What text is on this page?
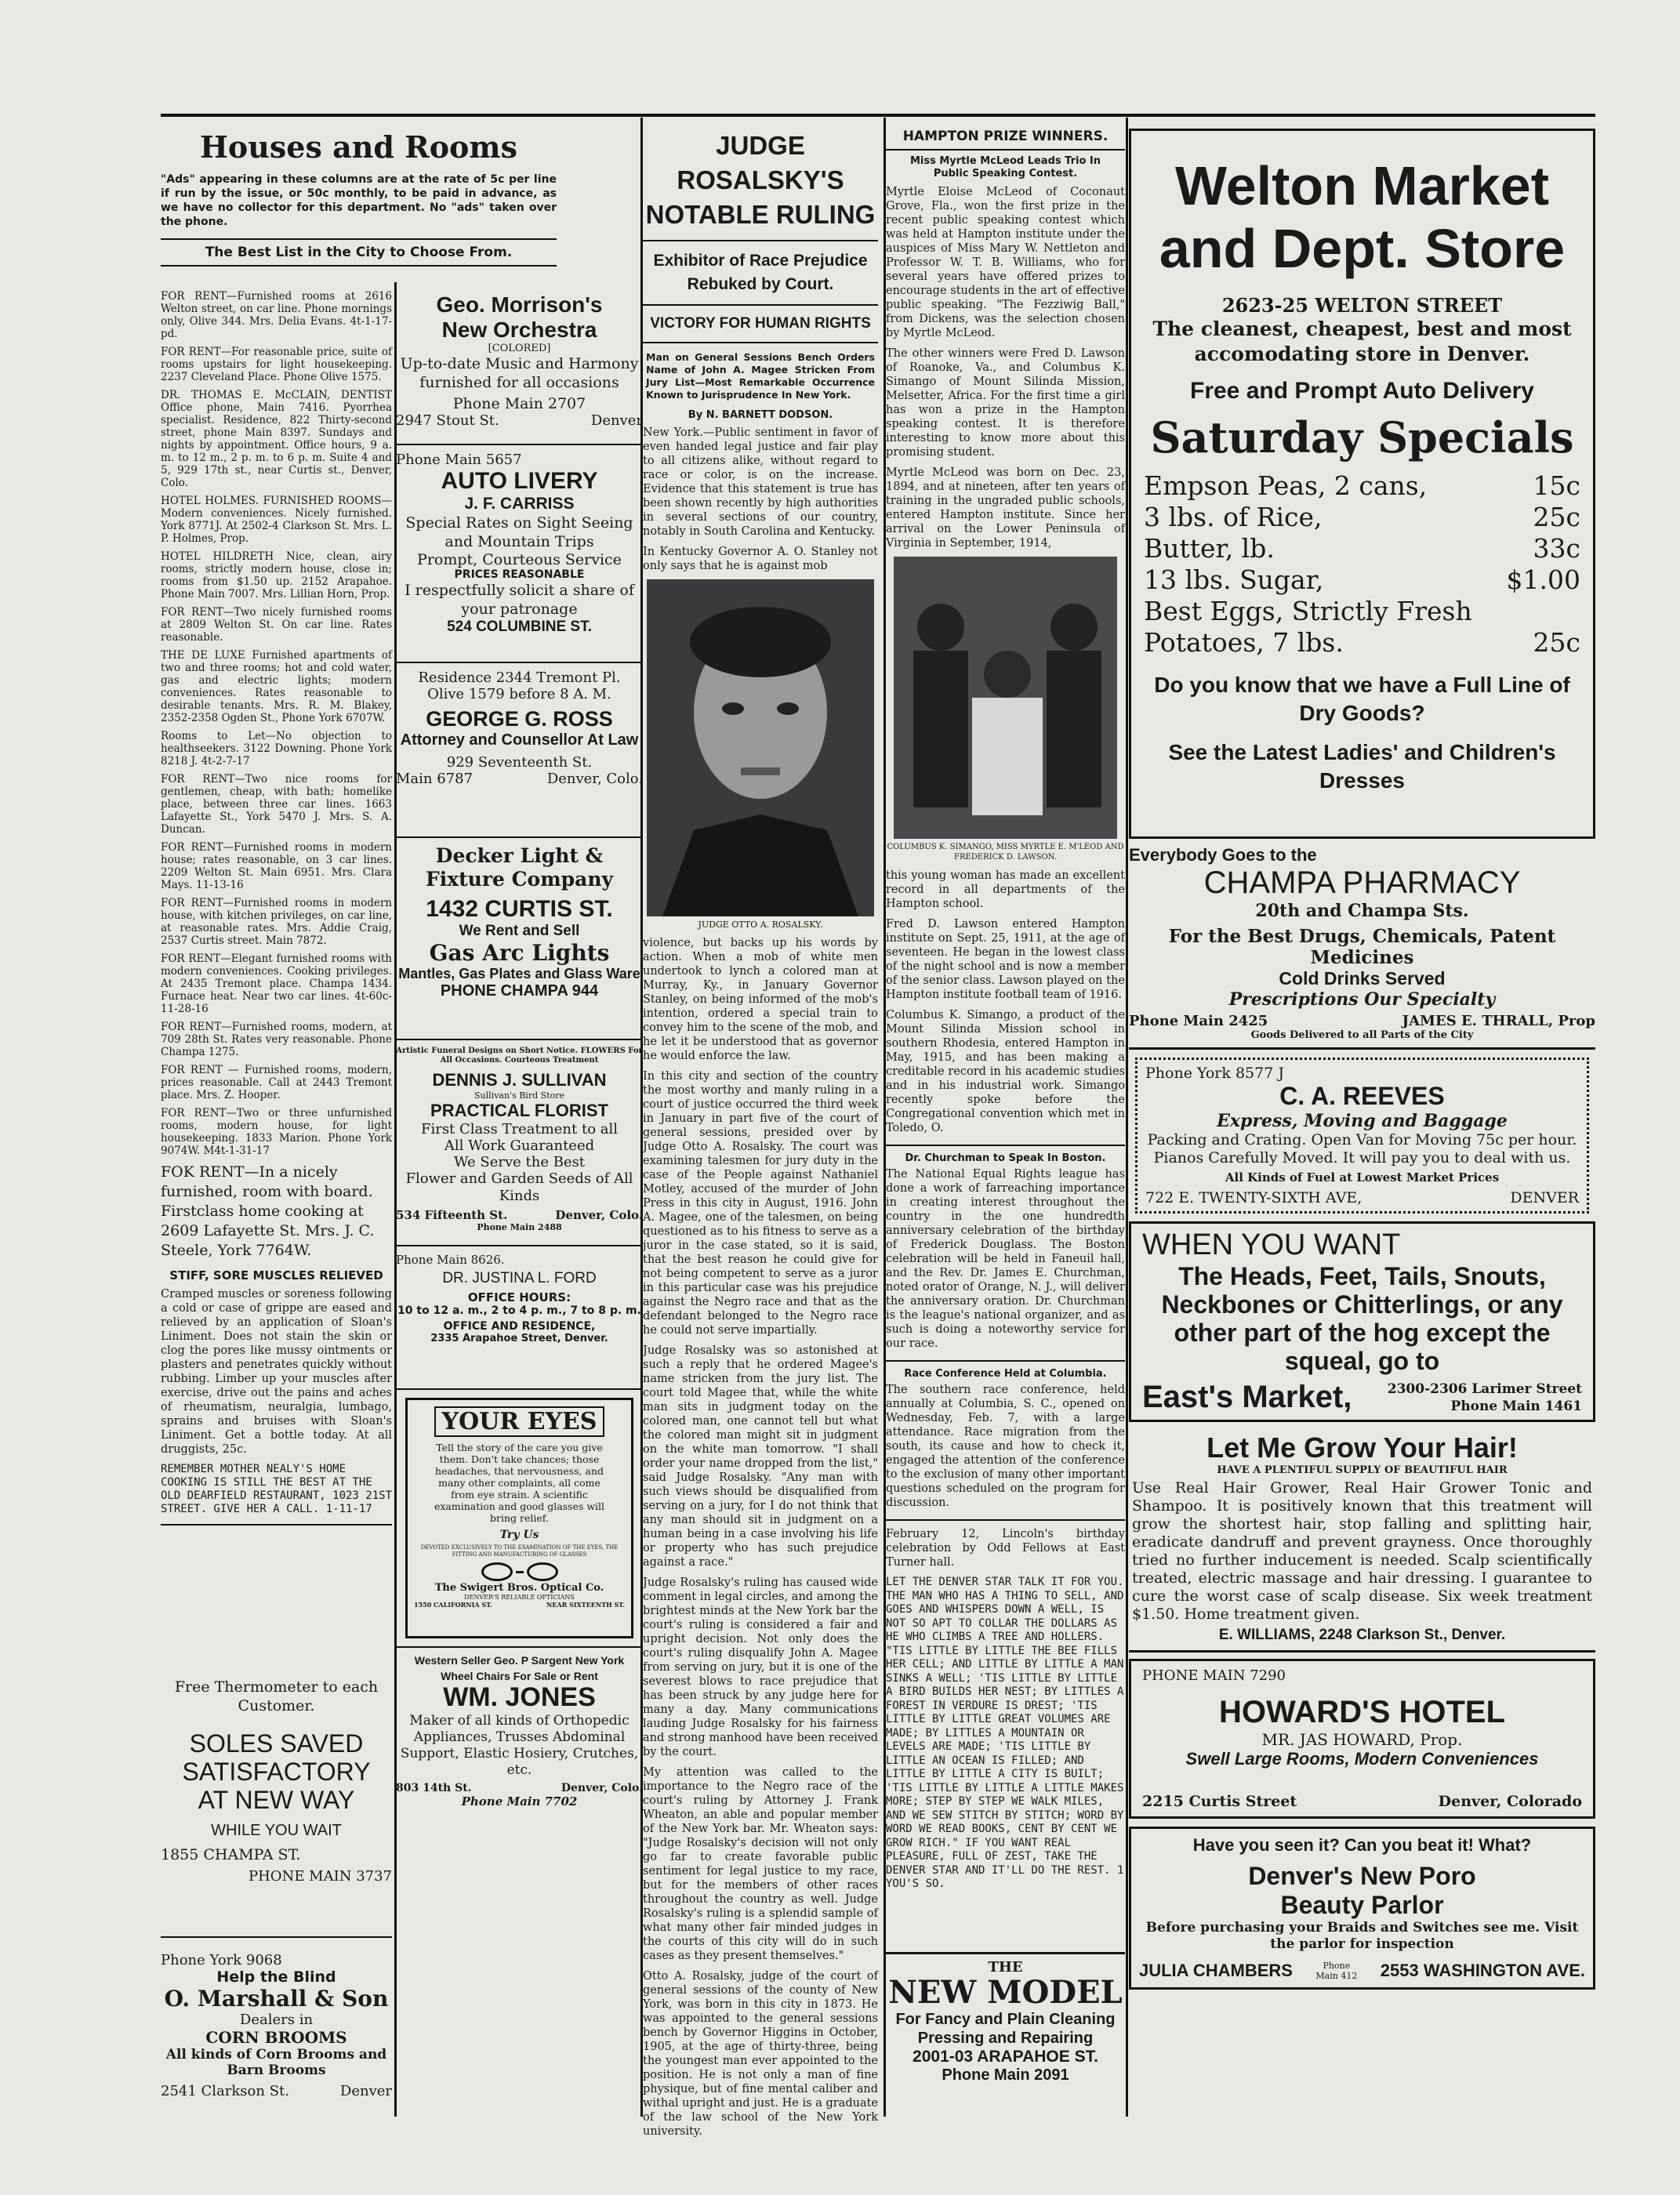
Houses and Rooms
"Ads" appearing in these columns are at the rate of 5c per line if run by the issue, or 50c monthly, to be paid in advance, as we have no collector for this department. No "ads" taken over the phone.
The Best List in the City to Choose From.

FOR RENT—Furnished rooms at 2616 Welton street, on car line. Phone mornings only, Olive 344. Mrs. Delia Evans. 4t-1-17-pd.

FOR RENT—For reasonable price, suite of rooms upstairs for light housekeeping. 2237 Cleveland Place. Phone Olive 1575.

DR. THOMAS E. McCLAIN, DENTIST Office phone, Main 7416. Pyorrhea specialist. Residence, 822 Thirty-second street, phone Main 8397. Sundays and nights by appointment. Office hours, 9 a. m. to 12 m., 2 p. m. to 6 p. m. Suite 4 and 5, 929 17th st., near Curtis st., Denver, Colo.

HOTEL HOLMES. FURNISHED ROOMS—Modern conveniences. Nicely furnished. York 8771J. At 2502-4 Clarkson St. Mrs. L. P. Holmes, Prop.

HOTEL HILDRETH Nice, clean, airy rooms, strictly modern house, close in; rooms from $1.50 up. 2152 Arapahoe. Phone Main 7007. Mrs. Lillian Horn, Prop.

FOR RENT—Two nicely furnished rooms at 2809 Welton St. On car line. Rates reasonable.

THE DE LUXE Furnished apartments of two and three rooms; hot and cold water, gas and electric lights; modern conveniences. Rates reasonable to desirable tenants. Mrs. R. M. Blakey, 2352-2358 Ogden St., Phone York 6707W.

Rooms to Let—No objection to healthseekers. 3122 Downing. Phone York 8218 J. 4t-2-7-17

FOR RENT—Two nice rooms for gentlemen, cheap, with bath; homelike place, between three car lines. 1663 Lafayette St., York 5470 J. Mrs. S. A. Duncan.

FOR RENT—Furnished rooms in modern house; rates reasonable, on 3 car lines. 2209 Welton St. Main 6951. Mrs. Clara Mays. 11-13-16

FOR RENT—Furnished rooms in modern house, with kitchen privileges, on car line, at reasonable rates. Mrs. Addie Craig, 2537 Curtis street. Main 7872.

FOR RENT—Elegant furnished rooms with modern conveniences. Cooking privileges. At 2435 Tremont place. Champa 1434. Furnace heat. Near two car lines. 4t-60c-11-28-16

FOR RENT—Furnished rooms, modern, at 709 28th St. Rates very reasonable. Phone Champa 1275.

FOR RENT — Furnished rooms, modern, prices reasonable. Call at 2443 Tremont place. Mrs. Z. Hooper.

FOR RENT—Two or three unfurnished rooms, modern house, for light housekeeping. 1833 Marion. Phone York 9074W. M4t-1-31-17

FOK RENT—In a nicely furnished, room with board. Firstclass home cooking at 2609 Lafayette St. Mrs. J. C. Steele, York 7764W.
STIFF, SORE MUSCLES RELIEVED

Cramped muscles or soreness following a cold or case of grippe are eased and relieved by an application of Sloan's Liniment. Does not stain the skin or clog the pores like mussy ointments or plasters and penetrates quickly without rubbing. Limber up your muscles after exercise, drive out the pains and aches of rheumatism, neuralgia, lumbago, sprains and bruises with Sloan's Liniment. Get a bottle today. At all druggists, 25c.

REMEMBER MOTHER NEALY'S HOME COOKING IS STILL THE BEST AT THE OLD DEARFIELD RESTAURANT, 1023 21ST STREET. GIVE HER A CALL. 1-11-17
Free Thermometer to each Customer.
SOLES SAVED
SATISFACTORY
AT NEW WAY
WHILE YOU WAIT
1855 CHAMPA ST.
PHONE MAIN 3737
Phone York 9068
Help the Blind
O. Marshall & Son
Dealers in
CORN BROOMS
All kinds of Corn Brooms and Barn Brooms
2541 Clarkson St.	Denver
Geo. Morrison's
New Orchestra
[COLORED]
Up-to-date Music and Harmony furnished for all occasions
Phone Main 2707
2947 Stout St.	Denver
Phone Main 5657
AUTO LIVERY
J. F. CARRISS
Special Rates on Sight Seeing and Mountain Trips
Prompt, Courteous Service
PRICES REASONABLE
I respectfully solicit a share of your patronage
524 COLUMBINE ST.
Residence 2344 Tremont Pl.
Olive 1579 before 8 A. M.
GEORGE G. ROSS
Attorney and Counsellor At Law
929 Seventeenth St.
Main 6787	Denver, Colo.
Decker Light & Fixture Company
1432 CURTIS ST.
We Rent and Sell
Gas Arc Lights
Mantles, Gas Plates and Glass Ware
PHONE CHAMPA 944
Artistic Funeral Designs on Short Notice. FLOWERS For All Occasions. Courteous Treatment
DENNIS J. SULLIVAN
Sullivan's Bird Store
PRACTICAL FLORIST
First Class Treatment to all
All Work Guaranteed
We Serve the Best
Flower and Garden Seeds of All Kinds
534 Fifteenth St.	Denver, Colo.
Phone Main 2488
Phone Main 8626.
DR. JUSTINA L. FORD
OFFICE HOURS:
10 to 12 a. m., 2 to 4 p. m., 7 to 8 p. m.
OFFICE AND RESIDENCE,
2335 Arapahoe Street, Denver.
YOUR EYES
Tell the story of the care you give them. Don't take chances; those headaches, that nervousness, and many other complaints, all come from eye strain. A scientific examination and good glasses will bring relief.
Try Us
DEVOTED EXCLUSIVELY TO THE EXAMINATION OF THE EYES, THE FITTING AND MANUFACTURING OF GLASSES
The Swigert Bros. Optical Co.
DENVER'S RELIABLE OPTICIANS
1550 CALIFORNIA ST.	NEAR SIXTEENTH ST.
Western Seller Geo. P Sargent New York
Wheel Chairs For Sale or Rent
WM. JONES
Maker of all kinds of Orthopedic Appliances, Trusses Abdominal Support, Elastic Hosiery, Crutches, etc.
803 14th St.	Denver, Colo.
Phone Main 7702
JUDGE ROSALSKY'S NOTABLE RULING
Exhibitor of Race Prejudice Rebuked by Court.
VICTORY FOR HUMAN RIGHTS
Man on General Sessions Bench Orders Name of John A. Magee Stricken From Jury List—Most Remarkable Occurrence Known to Jurisprudence In New York.
By N. BARNETT DODSON.

New York.—Public sentiment in favor of even handed legal justice and fair play to all citizens alike, without regard to race or color, is on the increase. Evidence that this statement is true has been shown recently by high authorities in several sections of our country, notably in South Carolina and Kentucky.

In Kentucky Governor A. O. Stanley not only says that he is against mob

JUDGE OTTO A. ROSALSKY.

violence, but backs up his words by action. When a mob of white men undertook to lynch a colored man at Murray, Ky., in January Governor Stanley, on being informed of the mob's intention, ordered a special train to convey him to the scene of the mob, and he let it be understood that as governor he would enforce the law.

In this city and section of the country the most worthy and manly ruling in a court of justice occurred the third week in January in part five of the court of general sessions, presided over by Judge Otto A. Rosalsky. The court was examining talesmen for jury duty in the case of the People against Nathaniel Motley, accused of the murder of John Press in this city in August, 1916. John A. Magee, one of the talesmen, on being questioned as to his fitness to serve as a juror in the case stated, so it is said, that the best reason he could give for not being competent to serve as a juror in this particular case was his prejudice against the Negro race and that as the defendant belonged to the Negro race he could not serve impartially.

Judge Rosalsky was so astonished at such a reply that he ordered Magee's name stricken from the jury list. The court told Magee that, while the white man sits in judgment today on the colored man, one cannot tell but what the colored man might sit in judgment on the white man tomorrow. "I shall order your name dropped from the list," said Judge Rosalsky. "Any man with such views should be disqualified from serving on a jury, for I do not think that any man should sit in judgment on a human being in a case involving his life or property who has such prejudice against a race."

Judge Rosalsky's ruling has caused wide comment in legal circles, and among the brightest minds at the New York bar the court's ruling is considered a fair and upright decision. Not only does the court's ruling disqualify John A. Magee from serving on jury, but it is one of the severest blows to race prejudice that has been struck by any judge here for many a day. Many communications lauding Judge Rosalsky for his fairness and strong manhood have been received by the court.

My attention was called to the importance to the Negro race of the court's ruling by Attorney J. Frank Wheaton, an able and popular member of the New York bar. Mr. Wheaton says: "Judge Rosalsky's decision will not only go far to create favorable public sentiment for legal justice to my race, but for the members of other races throughout the country as well. Judge Rosalsky's ruling is a splendid sample of what many other fair minded judges in the courts of this city will do in such cases as they present themselves."

Otto A. Rosalsky, judge of the court of general sessions of the county of New York, was born in this city in 1873. He was appointed to the general sessions bench by Governor Higgins in October, 1905, at the age of thirty-three, being the youngest man ever appointed to the position. He is not only a man of fine physique, but of fine mental caliber and withal upright and just. He is a graduate of the law school of the New York university.

HAMPTON PRIZE WINNERS.
Miss Myrtle McLeod Leads Trio In Public Speaking Contest.

Myrtle Eloise McLeod of Coconaut Grove, Fla., won the first prize in the recent public speaking contest which was held at Hampton institute under the auspices of Miss Mary W. Nettleton and Professor W. T. B. Williams, who for several years have offered prizes to encourage students in the art of effective public speaking. "The Fezziwig Ball," from Dickens, was the selection chosen by Myrtle McLeod.

The other winners were Fred D. Lawson of Roanoke, Va., and Columbus K. Simango of Mount Silinda Mission, Melsetter, Africa. For the first time a girl has won a prize in the Hampton speaking contest. It is therefore interesting to know more about this promising student.

Myrtle McLeod was born on Dec. 23, 1894, and at nineteen, after ten years of training in the ungraded public schools, entered Hampton institute. Since her arrival on the Lower Peninsula of Virginia in September, 1914,

COLUMBUS K. SIMANGO, MISS MYRTLE E. M'LEOD AND FREDERICK D. LAWSON.

this young woman has made an excellent record in all departments of the Hampton school.

Fred D. Lawson entered Hampton institute on Sept. 25, 1911, at the age of seventeen. He began in the lowest class of the night school and is now a member of the senior class. Lawson played on the Hampton institute football team of 1916.

Columbus K. Simango, a product of the Mount Silinda Mission school in southern Rhodesia, entered Hampton in May, 1915, and has been making a creditable record in his academic studies and in his industrial work. Simango recently spoke before the Congregational convention which met in Toledo, O.

Dr. Churchman to Speak In Boston.

The National Equal Rights league has done a work of farreaching importance in creating interest throughout the country in the one hundredth anniversary celebration of the birthday of Frederick Douglass. The Boston celebration will be held in Faneuil hall, and the Rev. Dr. James E. Churchman, noted orator of Orange, N. J., will deliver the anniversary oration. Dr. Churchman is the league's national organizer, and as such is doing a noteworthy service for our race.

Race Conference Held at Columbia.

The southern race conference, held annually at Columbia, S. C., opened on Wednesday, Feb. 7, with a large attendance. Race migration from the south, its cause and how to check it, engaged the attention of the conference to the exclusion of many other important questions scheduled on the program for discussion.

February 12, Lincoln's birthday celebration by Odd Fellows at East Turner hall.

LET THE DENVER STAR TALK IT FOR YOU. THE MAN WHO HAS A THING TO SELL, AND GOES AND WHISPERS DOWN A WELL, IS NOT SO APT TO COLLAR THE DOLLARS AS HE WHO CLIMBS A TREE AND HOLLERS. "TIS LITTLE BY LITTLE THE BEE FILLS HER CELL; AND LITTLE BY LITTLE A MAN SINKS A WELL; 'TIS LITTLE BY LITTLE A BIRD BUILDS HER NEST; BY LITTLES A FOREST IN VERDURE IS DREST; 'TIS LITTLE BY LITTLE GREAT VOLUMES ARE MADE; BY LITTLES A MOUNTAIN OR LEVELS ARE MADE; 'TIS LITTLE BY LITTLE AN OCEAN IS FILLED; AND LITTLE BY LITTLE A CITY IS BUILT; 'TIS LITTLE BY LITTLE A LITTLE MAKES MORE; STEP BY STEP WE WALK MILES, AND WE SEW STITCH BY STITCH; WORD BY WORD WE READ BOOKS, CENT BY CENT WE GROW RICH." IF YOU WANT REAL PLEASURE, FULL OF ZEST, TAKE THE DENVER STAR AND IT'LL DO THE REST. 1 YOU'S SO.
THE
NEW MODEL
For Fancy and Plain Cleaning Pressing and Repairing
2001-03 ARAPAHOE ST.
Phone Main 2091
Welton Market
and Dept. Store
2623-25 WELTON STREET
The cleanest, cheapest, best and most accomodating store in Denver.
Free and Prompt Auto Delivery
Saturday Specials
Empson Peas, 2 cans,	15c
3 lbs. of Rice,	25c
Butter, lb.	33c
13 lbs. Sugar,	$1.00
Best Eggs, Strictly Fresh
Potatoes, 7 lbs.	25c
Do you know that we have a Full Line of Dry Goods?
See the Latest Ladies' and Children's Dresses
Everybody Goes to the
CHAMPA PHARMACY
20th and Champa Sts.
For the Best Drugs, Chemicals, Patent Medicines
Cold Drinks Served
Prescriptions Our Specialty
Phone Main 2425	JAMES E. THRALL, Prop
Goods Delivered to all Parts of the City
Phone York 8577 J
C. A. REEVES
Express, Moving and Baggage
Packing and Crating. Open Van for Moving 75c per hour. Pianos Carefully Moved. It will pay you to deal with us.
All Kinds of Fuel at Lowest Market Prices
722 E. TWENTY-SIXTH AVE,	DENVER
WHEN YOU WANT
The Heads, Feet, Tails, Snouts, Neckbones or Chitterlings, or any other part of the hog except the squeal, go to
East's Market,	2300-2306 Larimer Street
Phone Main 1461
Let Me Grow Your Hair!
HAVE A PLENTIFUL SUPPLY OF BEAUTIFUL HAIR
Use Real Hair Grower, Real Hair Grower Tonic and Shampoo. It is positively known that this treatment will grow the shortest hair, stop falling and splitting hair, eradicate dandruff and prevent grayness. Once thoroughly tried no further inducement is needed. Scalp scientifically treated, electric massage and hair dressing. I guarantee to cure the worst case of scalp disease. Six week treatment $1.50. Home treatment given.
E. WILLIAMS, 2248 Clarkson St., Denver.
PHONE MAIN 7290
HOWARD'S HOTEL
MR. JAS HOWARD, Prop.
Swell Large Rooms, Modern Conveniences
2215 Curtis Street	Denver, Colorado
Have you seen it? Can you beat it! What?
Denver's New Poro
Beauty Parlor
Before purchasing your Braids and Switches see me. Visit the parlor for inspection
JULIA CHAMBERS	Phone Main 412 2553 WASHINGTON AVE.
